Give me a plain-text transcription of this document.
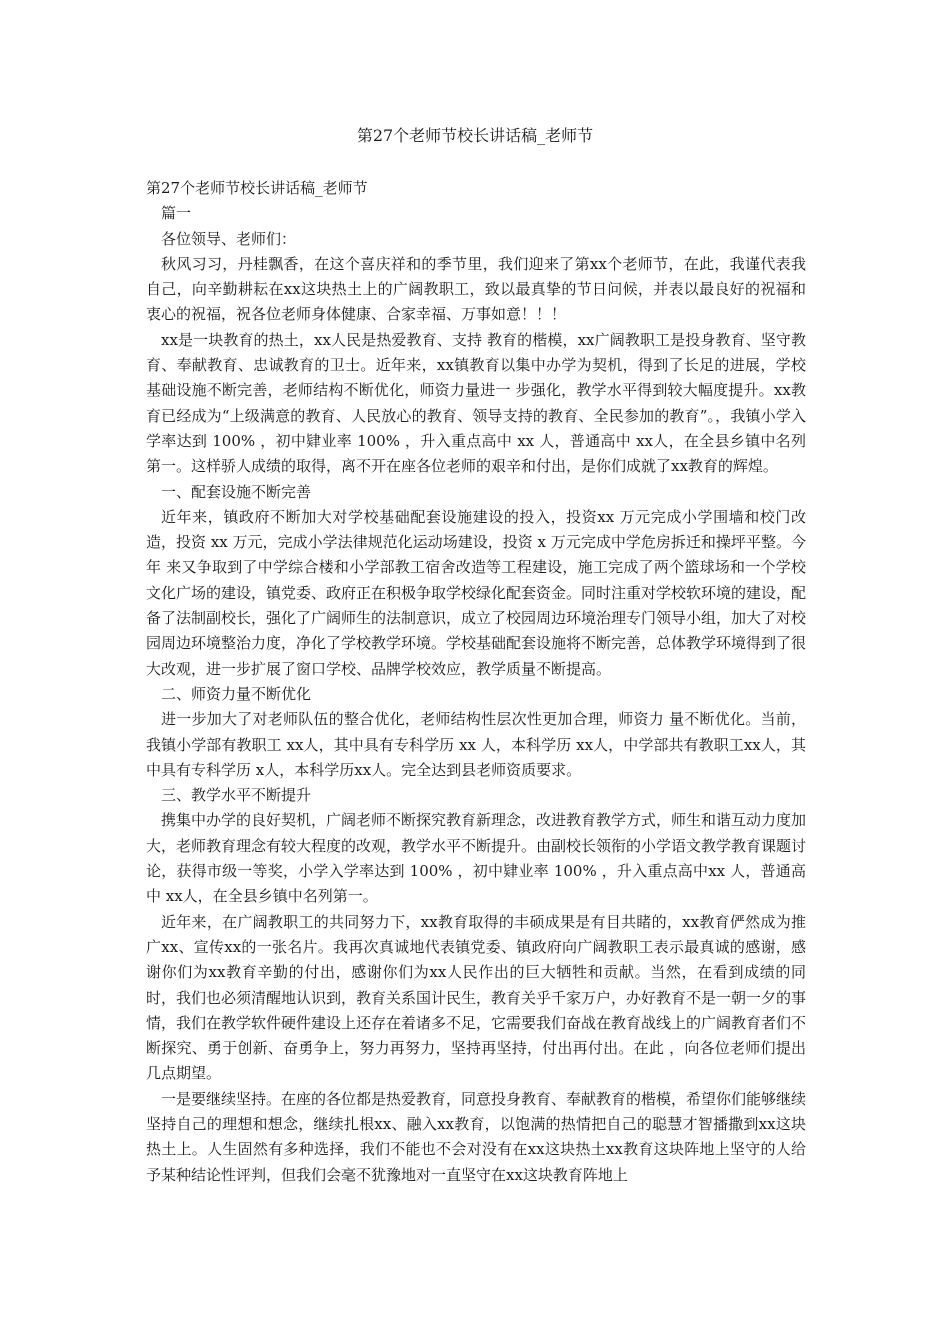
第27个老师节校长讲话稿_老师节

第27个老师节校长讲话稿_老师节

篇一

各位领导、老师们：

秋风习习，丹桂飘香，在这个喜庆祥和的季节里，我们迎来了第xx个老师节，在此，我谨代表我自己，向辛勤耕耘在xx这块热土上的广阔教职工，致以最真挚的节日问候，并表以最良好的祝福和衷心的祝福，祝各位老师身体健康、合家幸福、万事如意！！！

xx是一块教育的热土，xx人民是热爱教育、支持 教育的楷模，xx广阔教职工是投身教育、坚守教育、奉献教育、忠诚教育的卫士。近年来，xx镇教育以集中办学为契机，得到了长足的进展，学校基础设施不断完善，老师结构不断优化，师资力量进一 步强化，教学水平得到较大幅度提升。xx教育已经成为“上级满意的教育、人民放心的教育、领导支持的教育、全民参加的教育”。，我镇小学入学率达到 100% ，初中肄业率 100% ，升入重点高中 xx 人，普通高中 xx人，在全县乡镇中名列第一。这样骄人成绩的取得，离不开在座各位老师的艰辛和付出，是你们成就了xx教育的辉煌。

一、配套设施不断完善

近年来，镇政府不断加大对学校基础配套设施建设的投入，投资xx 万元完成小学围墙和校门改造，投资 xx 万元，完成小学法律规范化运动场建设，投资 x 万元完成中学危房拆迁和操坪平整。今年 来又争取到了中学综合楼和小学部教工宿舍改造等工程建设，施工完成了两个篮球场和一个学校文化广场的建设，镇党委、政府正在积极争取学校绿化配套资金。同时注重对学校软环境的建设，配备了法制副校长，强化了广阔师生的法制意识，成立了校园周边环境治理专门领导小组，加大了对校园周边环境整治力度，净化了学校教学环境。学校基础配套设施将不断完善，总体教学环境得到了很大改观，进一步扩展了窗口学校、品牌学校效应，教学质量不断提高。

二、师资力量不断优化

进一步加大了对老师队伍的整合优化，老师结构性层次性更加合理，师资力 量不断优化。当前，我镇小学部有教职工 xx人，其中具有专科学历 xx 人，本科学历 xx人，中学部共有教职工xx人，其中具有专科学历 x人，本科学历xx人。完全达到县老师资质要求。

三、教学水平不断提升

携集中办学的良好契机，广阔老师不断探究教育新理念，改进教育教学方式，师生和谐互动力度加大，老师教育理念有较大程度的改观，教学水平不断提升。由副校长领衔的小学语文教学教育课题讨论，获得市级一等奖，小学入学率达到 100% ，初中肄业率 100% ，升入重点高中xx 人，普通高中 xx人，在全县乡镇中名列第一。

近年来，在广阔教职工的共同努力下，xx教育取得的丰硕成果是有目共睹的，xx教育俨然成为推广xx、宣传xx的一张名片。我再次真诚地代表镇党委、镇政府向广阔教职工表示最真诚的感谢，感谢你们为xx教育辛勤的付出，感谢你们为xx人民作出的巨大牺牲和贡献。当然，在看到成绩的同时，我们也必须清醒地认识到，教育关系国计民生，教育关乎千家万户，办好教育不是一朝一夕的事情，我们在教学软件硬件建设上还存在着诸多不足，它需要我们奋战在教育战线上的广阔教育者们不断探究、勇于创新、奋勇争上，努力再努力，坚持再坚持，付出再付出。在此 ，向各位老师们提出几点期望。

一是要继续坚持。在座的各位都是热爱教育，同意投身教育、奉献教育的楷模，希望你们能够继续坚持自己的理想和想念，继续扎根xx、融入xx教育，以饱满的热情把自己的聪慧才智播撒到xx这块热土上。人生固然有多种选择，我们不能也不会对没有在xx这块热土xx教育这块阵地上坚守的人给予某种结论性评判，但我们会毫不犹豫地对一直坚守在xx这块教育阵地上
